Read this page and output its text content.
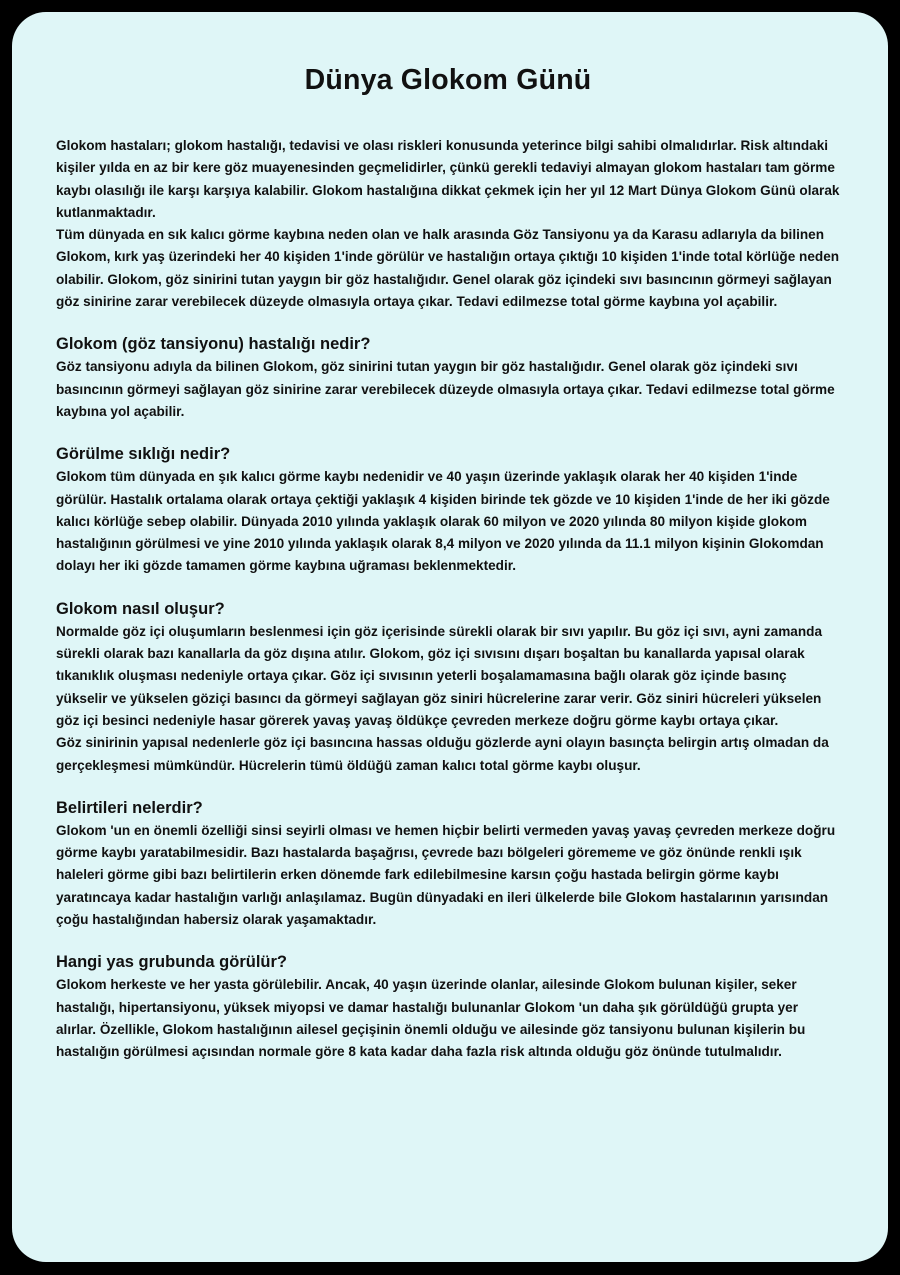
Dünya Glokom Günü

Glokom hastaları; glokom hastalığı, tedavisi ve olası riskleri konusunda yeterince bilgi sahibi olmalıdırlar. Risk altındaki kişiler yılda en az bir kere göz muayenesinden geçmelidirler, çünkü gerekli tedaviyi almayan glokom hastaları tam görme kaybı olasılığı ile karşı karşıya kalabilir. Glokom hastalığına dikkat çekmek için her yıl 12 Mart Dünya Glokom Günü olarak kutlanmaktadır.

Tüm dünyada en sık kalıcı görme kaybına neden olan ve halk arasında Göz Tansiyonu ya da Karasu adlarıyla da bilinen Glokom, kırk yaş üzerindeki her 40 kişiden 1'inde görülür ve hastalığın ortaya çıktığı 10 kişiden 1'inde total körlüğe neden olabilir. Glokom, göz sinirini tutan yaygın bir göz hastalığıdır. Genel olarak göz içindeki sıvı basıncının görmeyi sağlayan göz sinirine zarar verebilecek düzeyde olmasıyla ortaya çıkar. Tedavi edilmezse total görme kaybına yol açabilir.

Glokom (göz tansiyonu) hastalığı nedir?

Göz tansiyonu adıyla da bilinen Glokom, göz sinirini tutan yaygın bir göz hastalığıdır. Genel olarak göz içindeki sıvı basıncının görmeyi sağlayan göz sinirine zarar verebilecek düzeyde olmasıyla ortaya çıkar. Tedavi edilmezse total görme kaybına yol açabilir.

Görülme sıklığı nedir?

Glokom tüm dünyada en şık kalıcı görme kaybı nedenidir ve 40 yaşın üzerinde yaklaşık olarak her 40 kişiden 1'inde görülür. Hastalık ortalama olarak ortaya çektiği yaklaşık 4 kişiden birinde tek gözde ve 10 kişiden 1'inde de her iki gözde kalıcı körlüğe sebep olabilir. Dünyada 2010 yılında yaklaşık olarak 60 milyon ve 2020 yılında 80 milyon kişide glokom hastalığının görülmesi ve yine 2010 yılında yaklaşık olarak 8,4 milyon ve 2020 yılında da 11.1 milyon kişinin Glokomdan dolayı her iki gözde tamamen görme kaybına uğraması beklenmektedir.

Glokom nasıl oluşur?

Normalde göz içi oluşumların beslenmesi için göz içerisinde sürekli olarak bir sıvı yapılır. Bu göz içi sıvı, ayni zamanda sürekli olarak bazı kanallarla da göz dışına atılır. Glokom, göz içi sıvısını dışarı boşaltan bu kanallarda yapısal olarak tıkanıklık oluşması nedeniyle ortaya çıkar. Göz içi sıvısının yeterli boşalamamasına bağlı olarak göz içinde basınç yükselir ve yükselen göziçi basıncı da görmeyi sağlayan göz siniri hücrelerine zarar verir. Göz siniri hücreleri yükselen göz içi besinci nedeniyle hasar görerek yavaş yavaş öldükçe çevreden merkeze doğru görme kaybı ortaya çıkar.

Göz sinirinin yapısal nedenlerle göz içi basıncına hassas olduğu gözlerde ayni olayın basınçta belirgin artış olmadan da gerçekleşmesi mümkündür. Hücrelerin tümü öldüğü zaman kalıcı total görme kaybı oluşur.

Belirtileri nelerdir?

Glokom 'un en önemli özelliği sinsi seyirli olması ve hemen hiçbir belirti vermeden yavaş yavaş çevreden merkeze doğru görme kaybı yaratabilmesidir. Bazı hastalarda başağrısı, çevrede bazı bölgeleri görememe ve göz önünde renkli ışık haleleri görme gibi bazı belirtilerin erken dönemde fark edilebilmesine karsın çoğu hastada belirgin görme kaybı yaratıncaya kadar hastalığın varlığı anlaşılamaz. Bugün dünyadaki en ileri ülkelerde bile Glokom hastalarının yarısından çoğu hastalığından habersiz olarak yaşamaktadır.

Hangi yas grubunda görülür?

Glokom herkeste ve her yasta görülebilir. Ancak, 40 yaşın üzerinde olanlar, ailesinde Glokom bulunan kişiler, seker hastalığı, hipertansiyonu, yüksek miyopsi ve damar hastalığı bulunanlar Glokom 'un daha şık görüldüğü grupta yer alırlar. Özellikle, Glokom hastalığının ailesel geçişinin önemli olduğu ve ailesinde göz tansiyonu bulunan kişilerin bu hastalığın görülmesi açısından normale göre 8 kata kadar daha fazla risk altında olduğu göz önünde tutulmalıdır.
